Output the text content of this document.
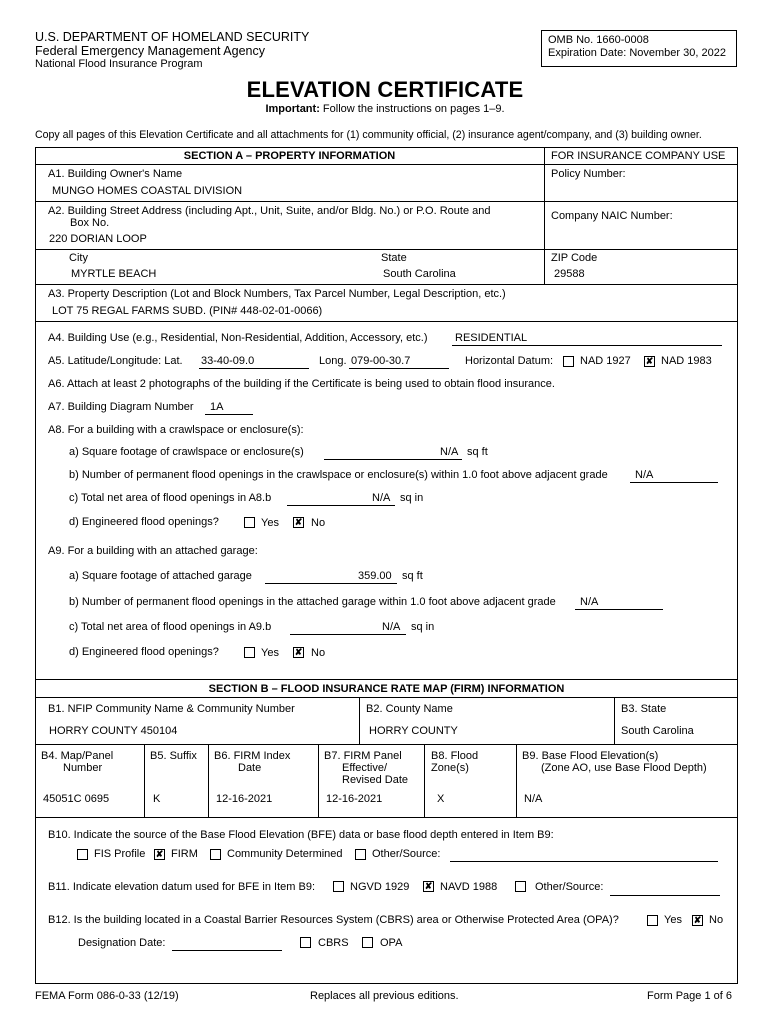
U.S. DEPARTMENT OF HOMELAND SECURITY
Federal Emergency Management Agency
National Flood Insurance Program
OMB No. 1660-0008
Expiration Date: November 30, 2022
ELEVATION CERTIFICATE
Important: Follow the instructions on pages 1–9.
Copy all pages of this Elevation Certificate and all attachments for (1) community official, (2) insurance agent/company, and (3) building owner.
SECTION A – PROPERTY INFORMATION	FOR INSURANCE COMPANY USE
A1. Building Owner's Name
MUNGO HOMES COASTAL DIVISION
Policy Number:
A2. Building Street Address (including Apt., Unit, Suite, and/or Bldg. No.) or P.O. Route and
Box No.
220 DORIAN LOOP
Company NAIC Number:
City
MYRTLE BEACH
State
South Carolina
ZIP Code
29588
A3. Property Description (Lot and Block Numbers, Tax Parcel Number, Legal Description, etc.)
LOT 75 REGAL FARMS SUBD. (PIN# 448-02-01-0066)
A4. Building Use (e.g., Residential, Non-Residential, Addition, Accessory, etc.)	RESIDENTIAL
A5. Latitude/Longitude: Lat. 33-40-09.0	Long. 079-00-30.7	Horizontal Datum: NAD 1927 ✘ NAD 1983
A6. Attach at least 2 photographs of the building if the Certificate is being used to obtain flood insurance.
A7. Building Diagram Number 1A
A8. For a building with a crawlspace or enclosure(s):
a) Square footage of crawlspace or enclosure(s)	N/A sq ft
b) Number of permanent flood openings in the crawlspace or enclosure(s) within 1.0 foot above adjacent grade N/A
c) Total net area of flood openings in A8.b	N/A sq in
d) Engineered flood openings?	Yes ✘ No
A9. For a building with an attached garage:
a) Square footage of attached garage	359.00 sq ft
b) Number of permanent flood openings in the attached garage within 1.0 foot above adjacent grade N/A
c) Total net area of flood openings in A9.b	N/A sq in
d) Engineered flood openings?	Yes ✘ No
SECTION B – FLOOD INSURANCE RATE MAP (FIRM) INFORMATION
B1. NFIP Community Name & Community Number
HORRY COUNTY 450104
B2. County Name
HORRY COUNTY
B3. State
South Carolina
B4. Map/Panel
Number
45051C 0695
B5. Suffix
K
B6. FIRM Index
Date
12-16-2021
B7. FIRM Panel
Effective/
Revised Date
12-16-2021
B8. Flood
Zone(s)
X
B9. Base Flood Elevation(s)
(Zone AO, use Base Flood Depth)
N/A
B10. Indicate the source of the Base Flood Elevation (BFE) data or base flood depth entered in Item B9:
FIS Profile ✘ FIRM	Community Determined	Other/Source:
B11. Indicate elevation datum used for BFE in Item B9:	NGVD 1929 ✘ NAVD 1988	Other/Source:
B12. Is the building located in a Coastal Barrier Resources System (CBRS) area or Otherwise Protected Area (OPA)?	Yes ✘ No
Designation Date:	CBRS	OPA
FEMA Form 086-0-33 (12/19)	Replaces all previous editions.	Form Page 1 of 6
